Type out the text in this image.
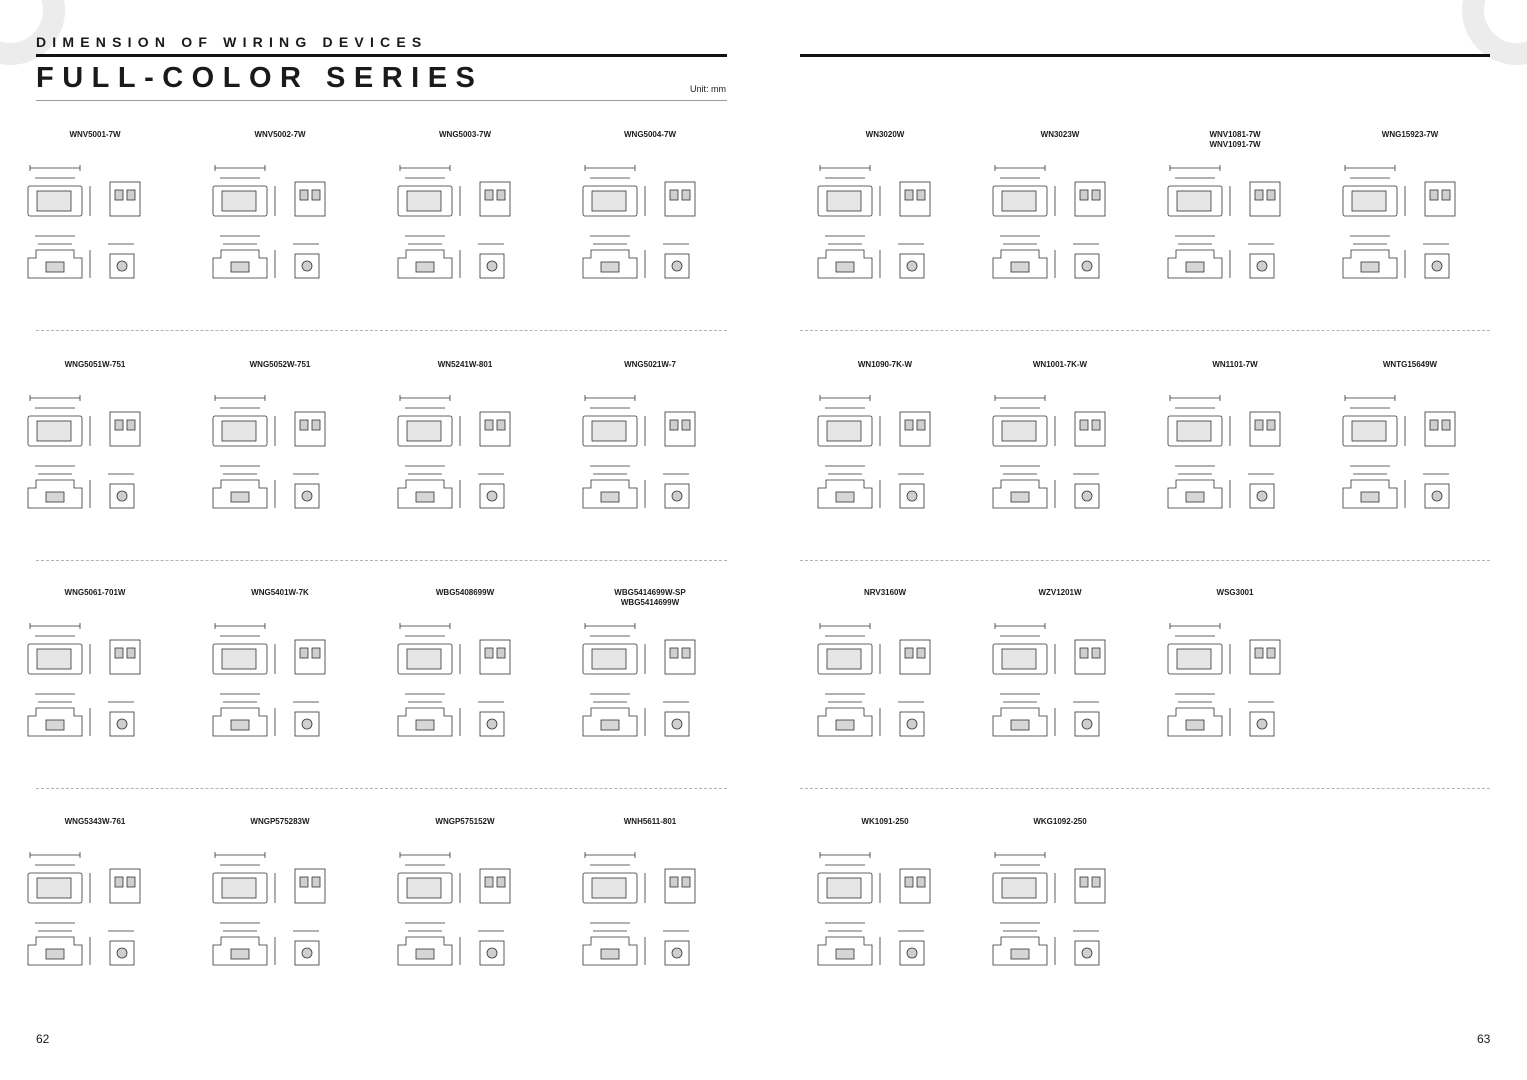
DIMENSION OF WIRING DEVICES
FULL-COLOR SERIES	Unit: mm
WNV5001-7W	WNV5002-7W	WNG5003-7W	WNG5004-7W
WNG5051W-751	WNG5052W-751	WN5241W-801	WNG5021W-7
WNG5061-701W	WNG5401W-7K	WBG5408699W	WBG5414699W-SP
WBG5414699W
WNG5343W-761	WNGP575283W	WNGP575152W	WNH5611-801
WN3020W	WN3023W	WNV1081-7W
WNV1091-7W
WNG15923-7W
WN1090-7K-W	WN1001-7K-W	WN1101-7W	WNTG15649W
NRV3160W	WZV1201W	WSG3001
WK1091-250	WKG1092-250
62	63
